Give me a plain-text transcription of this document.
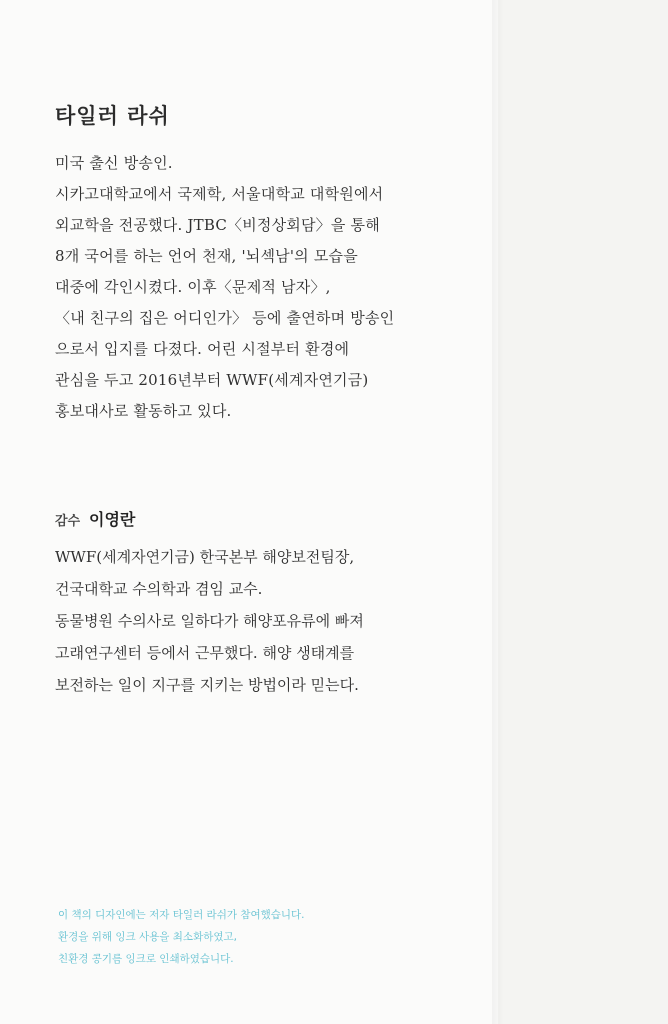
타일러 라쉬
미국 출신 방송인.
시카고대학교에서 국제학, 서울대학교 대학원에서
외교학을 전공했다. JTBC〈비정상회담〉을 통해
8개 국어를 하는 언어 천재, '뇌섹남'의 모습을
대중에 각인시켰다. 이후〈문제적 남자〉,
〈내 친구의 집은 어디인가〉 등에 출연하며 방송인
으로서 입지를 다졌다. 어린 시절부터 환경에
관심을 두고 2016년부터 WWF(세계자연기금)
홍보대사로 활동하고 있다.
감수 이영란
WWF(세계자연기금) 한국본부 해양보전팀장,
건국대학교 수의학과 겸임 교수.
동물병원 수의사로 일하다가 해양포유류에 빠져
고래연구센터 등에서 근무했다. 해양 생태계를
보전하는 일이 지구를 지키는 방법이라 믿는다.
이 책의 디자인에는 저자 타일러 라쉬가 참여했습니다.
환경을 위해 잉크 사용을 최소화하였고,
친환경 콩기름 잉크로 인쇄하였습니다.
